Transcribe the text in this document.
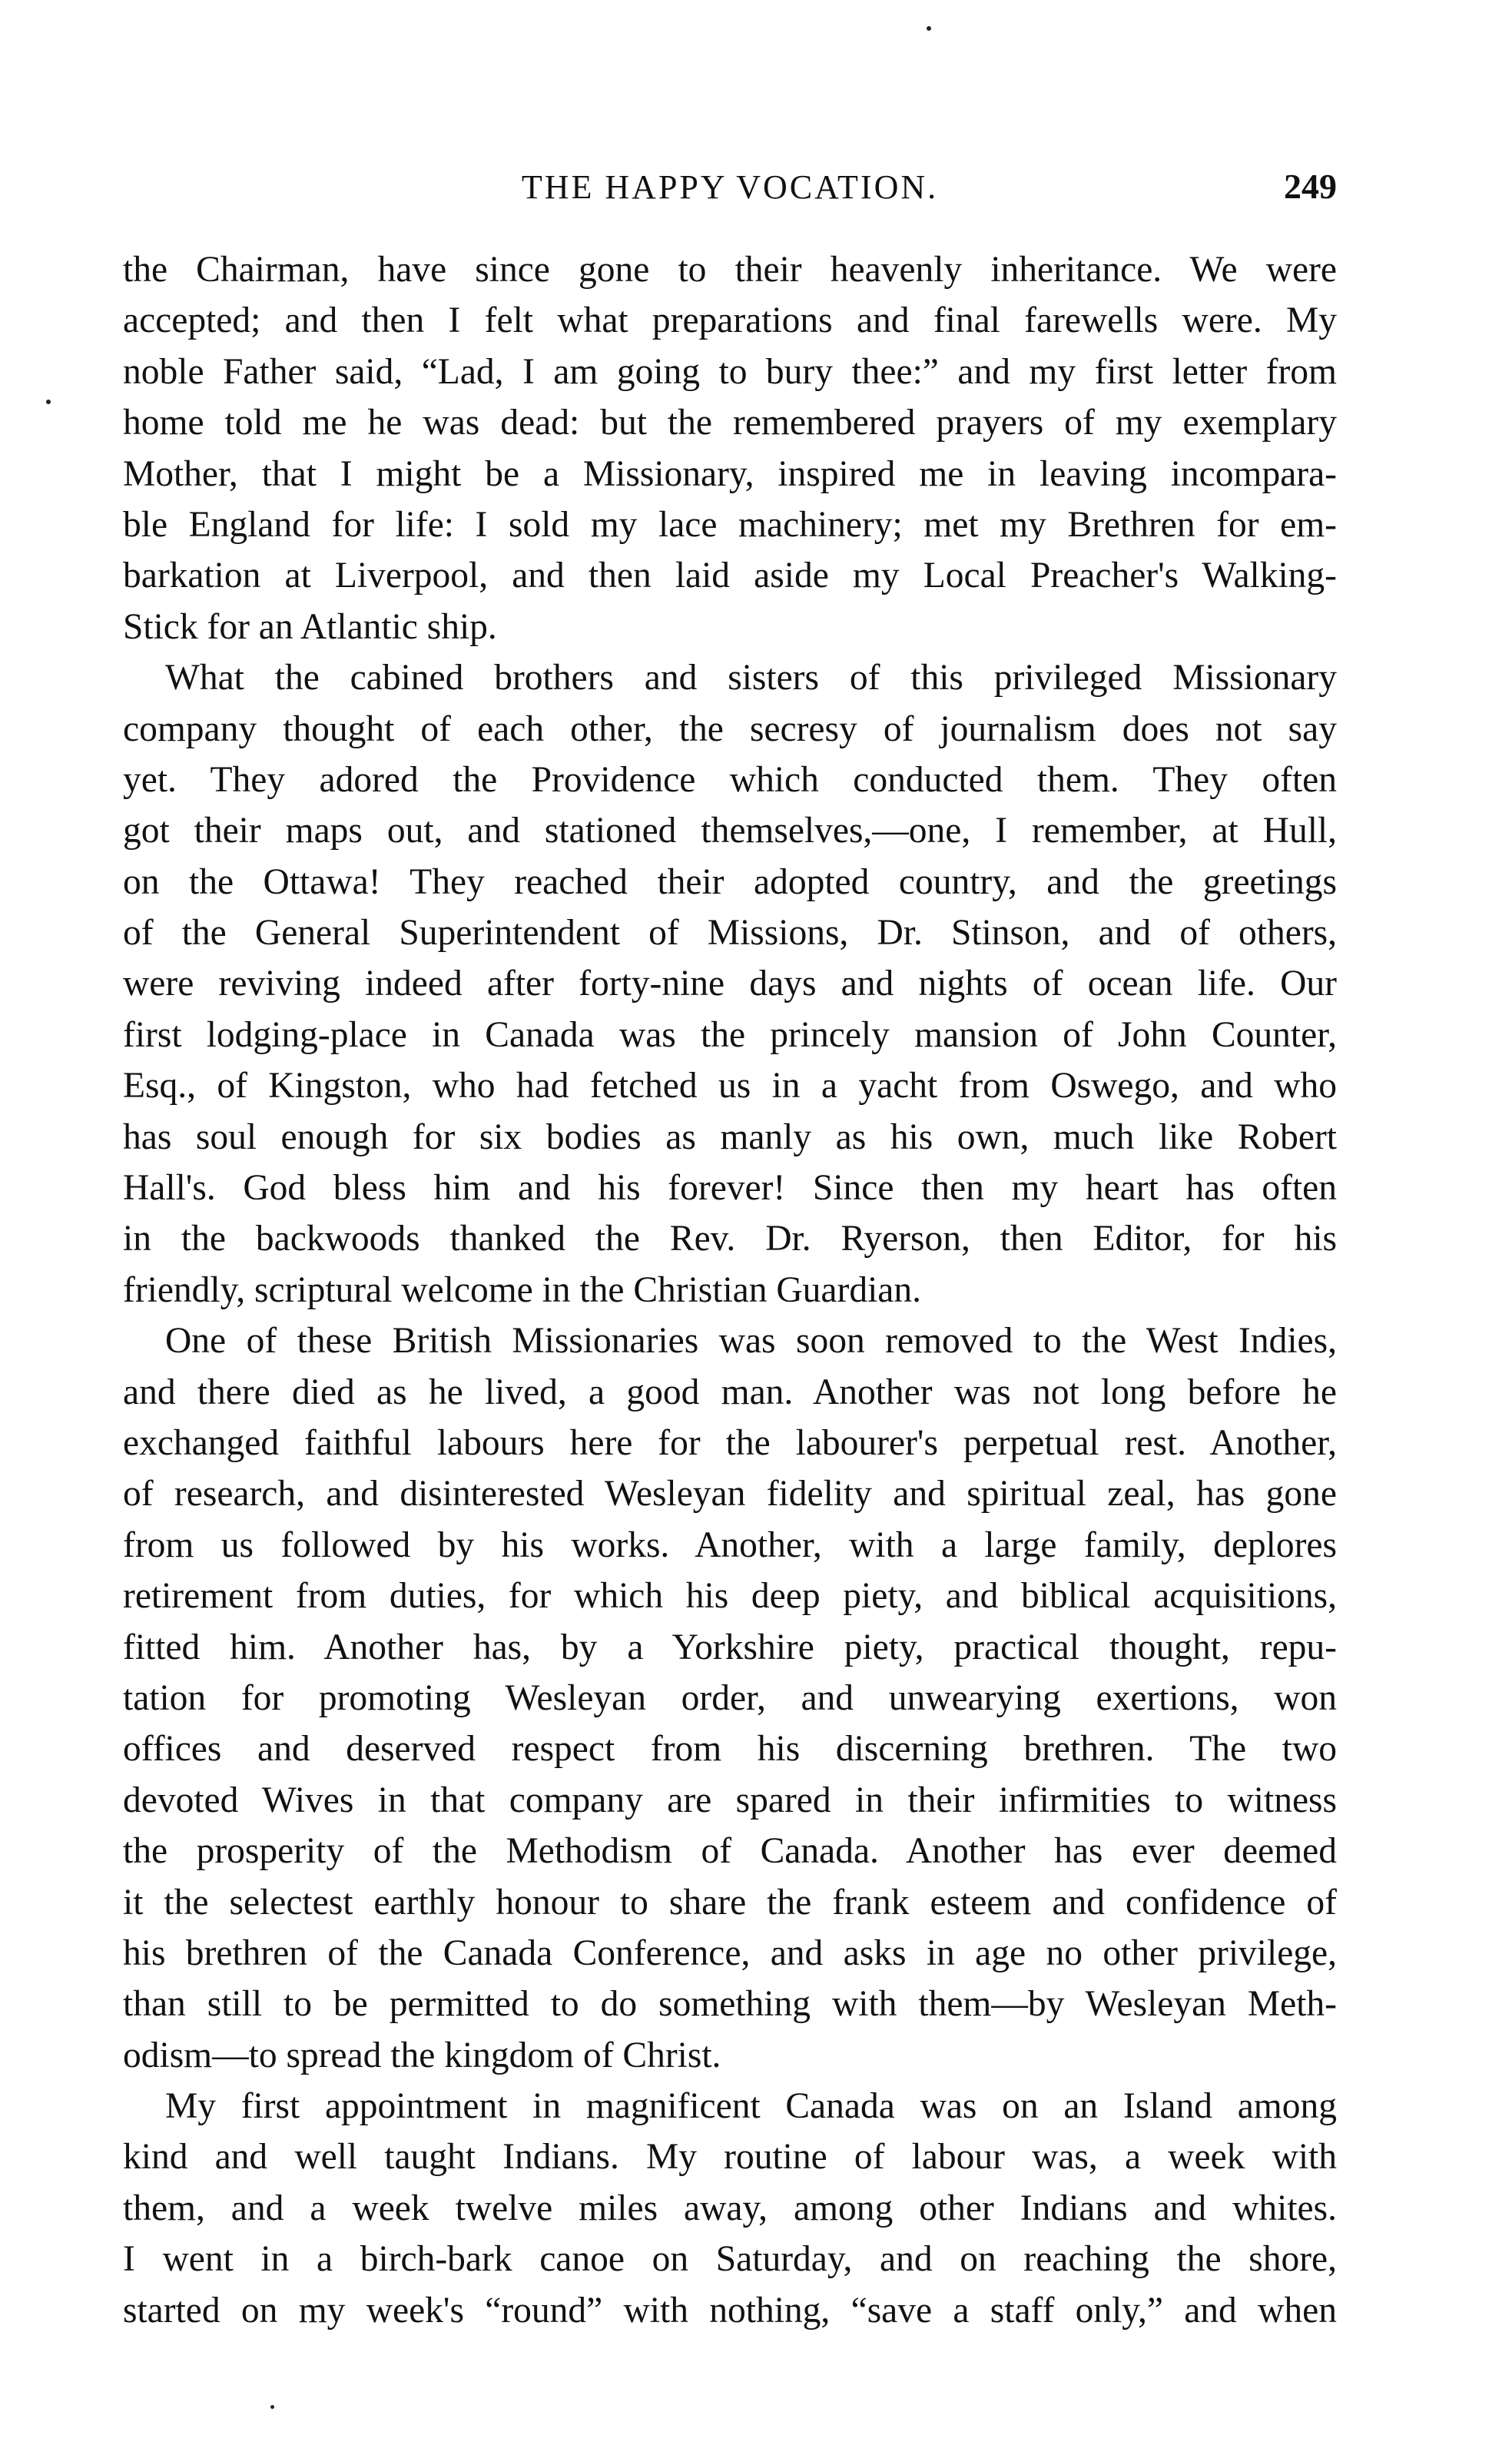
THE HAPPY VOCATION.	249
the Chairman, have since gone to their heavenly inheritance. We were
accepted; and then I felt what preparations and final farewells were. My
noble Father said, “Lad, I am going to bury thee:” and my first letter from
home told me he was dead: but the remembered prayers of my exemplary
Mother, that I might be a Missionary, inspired me in leaving incompara-
ble England for life: I sold my lace machinery; met my Brethren for em-
barkation at Liverpool, and then laid aside my Local Preacher's Walking-
Stick for an Atlantic ship.
What the cabined brothers and sisters of this privileged Missionary
company thought of each other, the secresy of journalism does not say
yet. They adored the Providence which conducted them. They often
got their maps out, and stationed themselves,—one, I remember, at Hull,
on the Ottawa! They reached their adopted country, and the greetings
of the General Superintendent of Missions, Dr. Stinson, and of others,
were reviving indeed after forty-nine days and nights of ocean life. Our
first lodging-place in Canada was the princely mansion of John Counter,
Esq., of Kingston, who had fetched us in a yacht from Oswego, and who
has soul enough for six bodies as manly as his own, much like Robert
Hall's. God bless him and his forever! Since then my heart has often
in the backwoods thanked the Rev. Dr. Ryerson, then Editor, for his
friendly, scriptural welcome in the Christian Guardian.
One of these British Missionaries was soon removed to the West Indies,
and there died as he lived, a good man. Another was not long before he
exchanged faithful labours here for the labourer's perpetual rest. Another,
of research, and disinterested Wesleyan fidelity and spiritual zeal, has gone
from us followed by his works. Another, with a large family, deplores
retirement from duties, for which his deep piety, and biblical acquisitions,
fitted him. Another has, by a Yorkshire piety, practical thought, repu-
tation for promoting Wesleyan order, and unwearying exertions, won
offices and deserved respect from his discerning brethren. The two
devoted Wives in that company are spared in their infirmities to witness
the prosperity of the Methodism of Canada. Another has ever deemed
it the selectest earthly honour to share the frank esteem and confidence of
his brethren of the Canada Conference, and asks in age no other privilege,
than still to be permitted to do something with them—by Wesleyan Meth-
odism—to spread the kingdom of Christ.
My first appointment in magnificent Canada was on an Island among
kind and well taught Indians. My routine of labour was, a week with
them, and a week twelve miles away, among other Indians and whites.
I went in a birch-bark canoe on Saturday, and on reaching the shore,
started on my week's “round” with nothing, “save a staff only,” and when
